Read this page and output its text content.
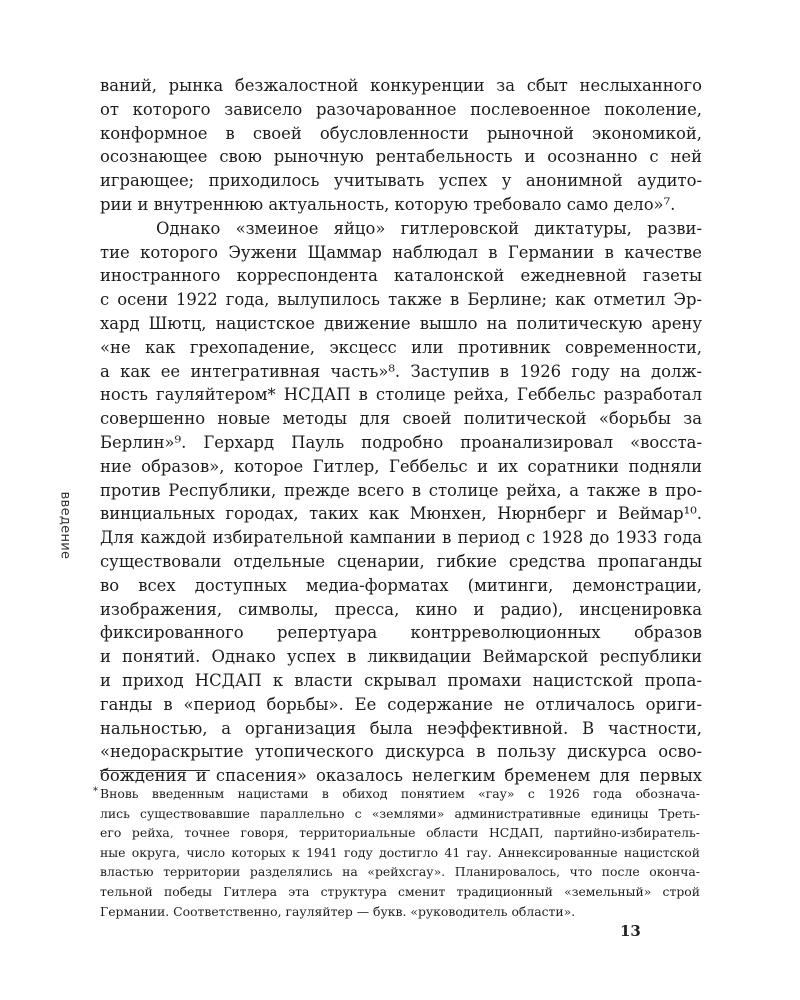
введение
ваний, рынка безжалостной конкуренции за сбыт неслыханного
от которого зависело разочарованное послевоенное поколение,
конформное в своей обусловленности рыночной экономикой,
осознающее свою рыночную рентабельность и осознанно с ней
играющее; приходилось учитывать успех у анонимной аудито-
рии и внутреннюю актуальность, которую требовало само дело»⁷.
Однако «змеиное яйцо» гитлеровской диктатуры, разви-
тие которого Эужени Щаммар наблюдал в Германии в качестве
иностранного корреспондента каталонской ежедневной газеты
с осени 1922 года, вылупилось также в Берлине; как отметил Эр-
хард Шютц, нацистское движение вышло на политическую арену
«не как грехопадение, эксцесс или противник современности,
а как ее интегративная часть»⁸. Заступив в 1926 году на долж-
ность гауляйтером* НСДАП в столице рейха, Геббельс разработал
совершенно новые методы для своей политической «борьбы за
Берлин»⁹. Герхард Пауль подробно проанализировал «восста-
ние образов», которое Гитлер, Геббельс и их соратники подняли
против Республики, прежде всего в столице рейха, а также в про-
винциальных городах, таких как Мюнхен, Нюрнберг и Веймар¹⁰.
Для каждой избирательной кампании в период с 1928 до 1933 года
существовали отдельные сценарии, гибкие средства пропаганды
во всех доступных медиа-форматах (митинги, демонстрации,
изображения, символы, пресса, кино и радио), инсценировка
фиксированного репертуара контрреволюционных образов
и понятий. Однако успех в ликвидации Веймарской республики
и приход НСДАП к власти скрывал промахи нацистской пропа-
ганды в «период борьбы». Ее содержание не отличалось ориги-
нальностью, а организация была неэффективной. В частности,
«недораскрытие утопического дискурса в пользу дискурса осво-
бождения и спасения» оказалось нелегким бременем для первых
* Вновь введенным нацистами в обиход понятием «гау» с 1926 года обознача-
лись существовавшие параллельно с «землями» административные единицы Треть-
его рейха, точнее говоря, территориальные области НСДАП, партийно-избиратель-
ные округа, число которых к 1941 году достигло 41 гау. Аннексированные нацистской
властью территории разделялись на «рейхсгау». Планировалось, что после оконча-
тельной победы Гитлера эта структура сменит традиционный «земельный» строй
Германии. Соответственно, гауляйтер — букв. «руководитель области».
13
